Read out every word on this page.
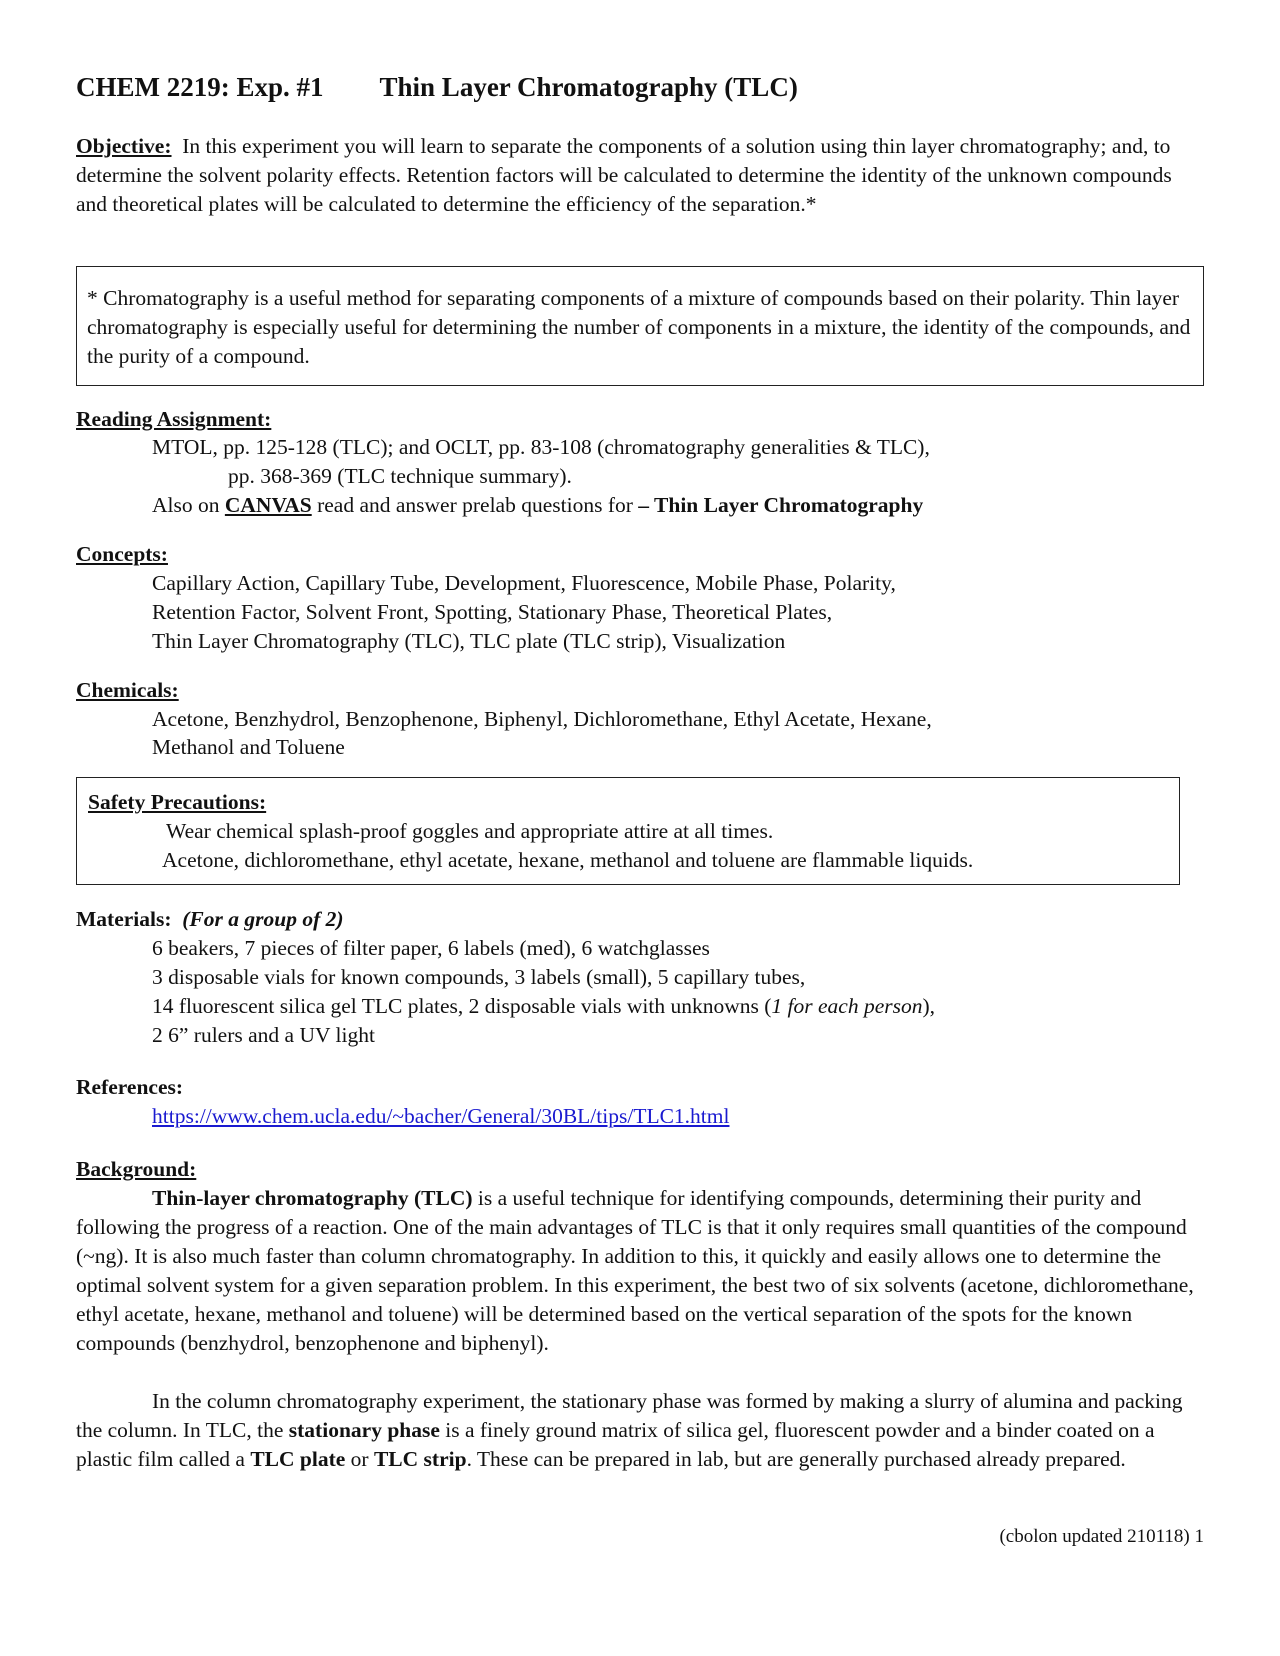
CHEM 2219: Exp. #1 Thin Layer Chromatography (TLC)

Objective: In this experiment you will learn to separate the components of a solution using thin layer chromatography; and, to determine the solvent polarity effects. Retention factors will be calculated to determine the identity of the unknown compounds and theoretical plates will be calculated to determine the efficiency of the separation.*

* Chromatography is a useful method for separating components of a mixture of compounds based on their polarity. Thin layer chromatography is especially useful for determining the number of components in a mixture, the identity of the compounds, and the purity of a compound.

Reading Assignment:

MTOL, pp. 125-128 (TLC); and OCLT, pp. 83-108 (chromatography generalities & TLC),

pp. 368-369 (TLC technique summary).

Also on CANVAS read and answer prelab questions for – Thin Layer Chromatography

Concepts:

Capillary Action, Capillary Tube, Development, Fluorescence, Mobile Phase, Polarity,

Retention Factor, Solvent Front, Spotting, Stationary Phase, Theoretical Plates,

Thin Layer Chromatography (TLC), TLC plate (TLC strip), Visualization

Chemicals:

Acetone, Benzhydrol, Benzophenone, Biphenyl, Dichloromethane, Ethyl Acetate, Hexane,

Methanol and Toluene

Safety Precautions:

Wear chemical splash-proof goggles and appropriate attire at all times.

Acetone, dichloromethane, ethyl acetate, hexane, methanol and toluene are flammable liquids.

Materials: (For a group of 2)

6 beakers, 7 pieces of filter paper, 6 labels (med), 6 watchglasses

3 disposable vials for known compounds, 3 labels (small), 5 capillary tubes,

14 fluorescent silica gel TLC plates, 2 disposable vials with unknowns (1 for each person),

2 6” rulers and a UV light

References:

https://www.chem.ucla.edu/~bacher/General/30BL/tips/TLC1.html

Background:

Thin-layer chromatography (TLC) is a useful technique for identifying compounds, determining their purity and following the progress of a reaction. One of the main advantages of TLC is that it only requires small quantities of the compound (~ng). It is also much faster than column chromatography. In addition to this, it quickly and easily allows one to determine the optimal solvent system for a given separation problem. In this experiment, the best two of six solvents (acetone, dichloromethane, ethyl acetate, hexane, methanol and toluene) will be determined based on the vertical separation of the spots for the known compounds (benzhydrol, benzophenone and biphenyl).

In the column chromatography experiment, the stationary phase was formed by making a slurry of alumina and packing the column. In TLC, the stationary phase is a finely ground matrix of silica gel, fluorescent powder and a binder coated on a plastic film called a TLC plate or TLC strip. These can be prepared in lab, but are generally purchased already prepared.

(cbolon updated 210118) 1
